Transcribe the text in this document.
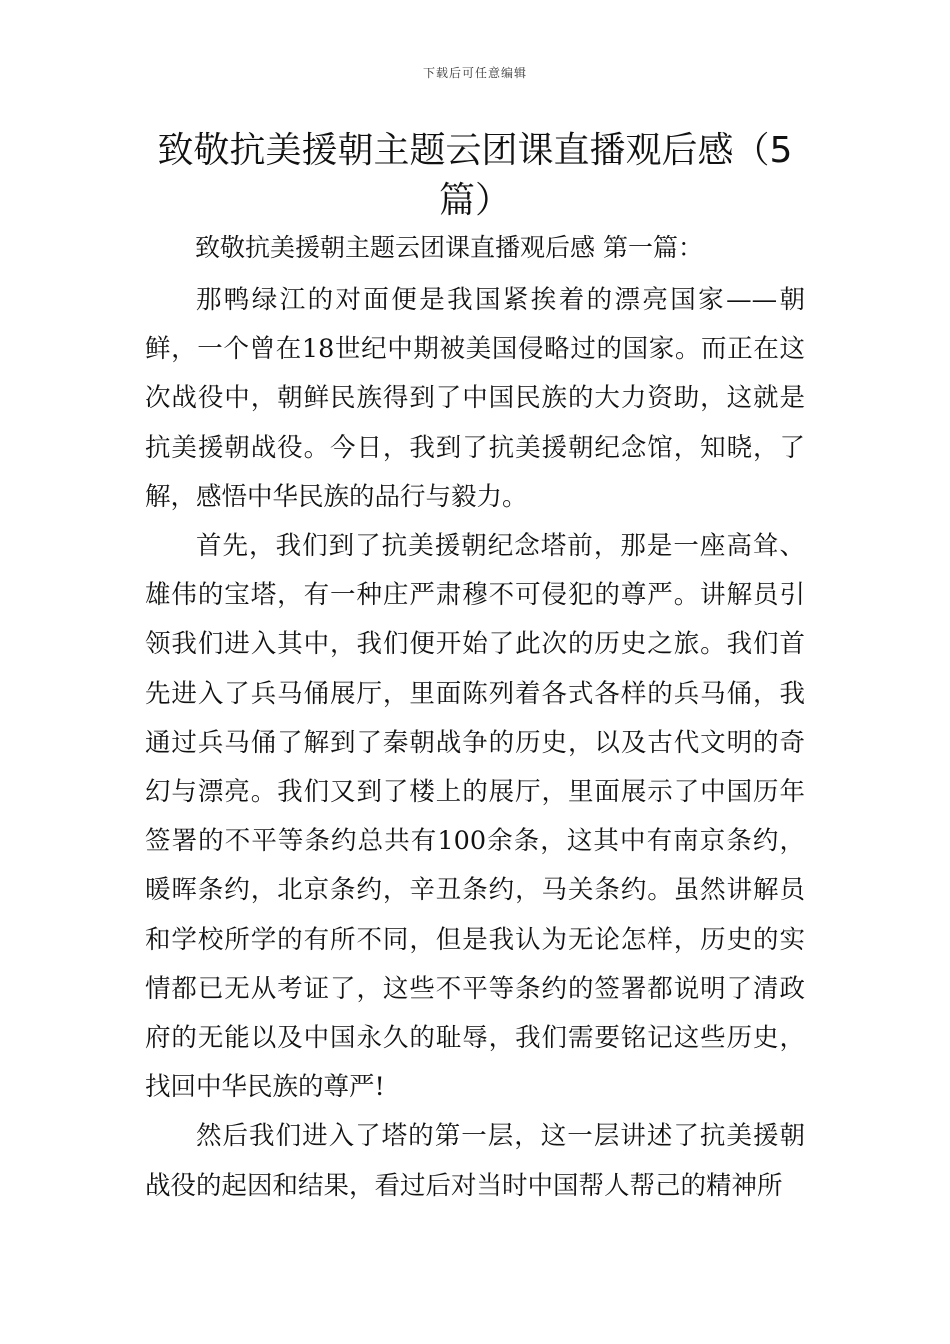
下载后可任意编辑
致敬抗美援朝主题云团课直播观后感（5篇）
致敬抗美援朝主题云团课直播观后感 第一篇：

那鸭绿江的对面便是我国紧挨着的漂亮国家——朝鲜，一个曾在18世纪中期被美国侵略过的国家。而正在这次战役中，朝鲜民族得到了中国民族的大力资助，这就是抗美援朝战役。今日，我到了抗美援朝纪念馆，知晓，了解，感悟中华民族的品行与毅力。

首先，我们到了抗美援朝纪念塔前，那是一座高耸、雄伟的宝塔，有一种庄严肃穆不可侵犯的尊严。讲解员引领我们进入其中，我们便开始了此次的历史之旅。我们首先进入了兵马俑展厅，里面陈列着各式各样的兵马俑，我通过兵马俑了解到了秦朝战争的历史，以及古代文明的奇幻与漂亮。我们又到了楼上的展厅，里面展示了中国历年签署的不平等条约总共有100余条，这其中有南京条约，暖晖条约，北京条约，辛丑条约，马关条约。虽然讲解员和学校所学的有所不同，但是我认为无论怎样，历史的实情都已无从考证了，这些不平等条约的签署都说明了清政府的无能以及中国永久的耻辱，我们需要铭记这些历史，找回中华民族的尊严!

然后我们进入了塔的第一层，这一层讲述了抗美援朝战役的起因和结果，看过后对当时中国帮人帮己的精神所
